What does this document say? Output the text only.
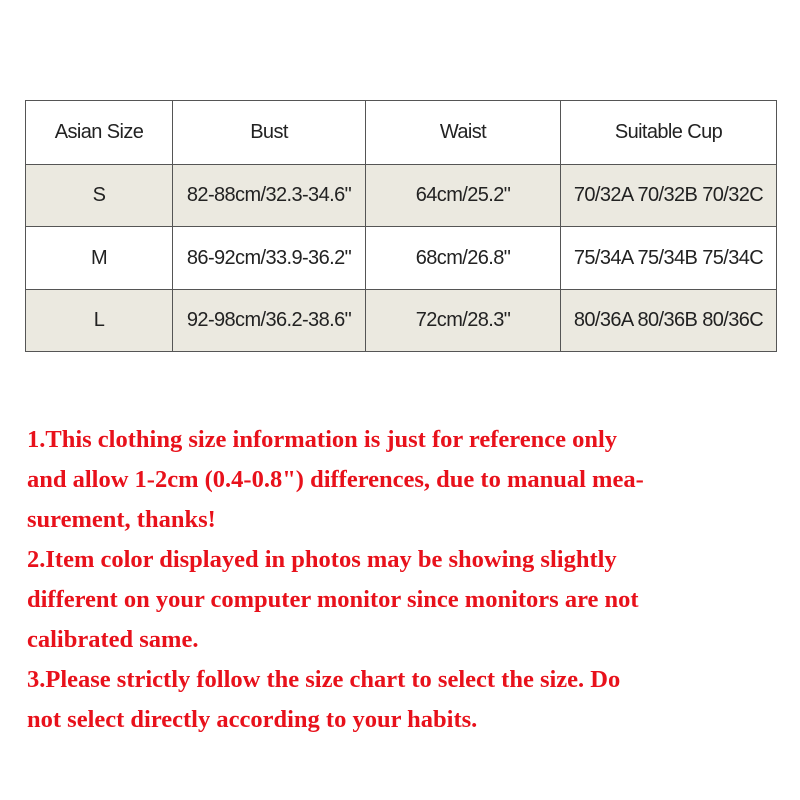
Asian Size	Bust	Waist	Suitable Cup
S	82-88cm/32.3-34.6"	64cm/25.2"	70/32A 70/32B 70/32C
M	86-92cm/33.9-36.2"	68cm/26.8"	75/34A 75/34B 75/34C
L	92-98cm/36.2-38.6"	72cm/28.3"	80/36A 80/36B 80/36C
1.This clothing size information is just for reference only
and allow 1-2cm (0.4-0.8") differences, due to manual mea-
surement, thanks!
2.Item color displayed in photos may be showing slightly
different on your computer monitor since monitors are not
calibrated same.
3.Please strictly follow the size chart to select the size. Do
not select directly according to your habits.
